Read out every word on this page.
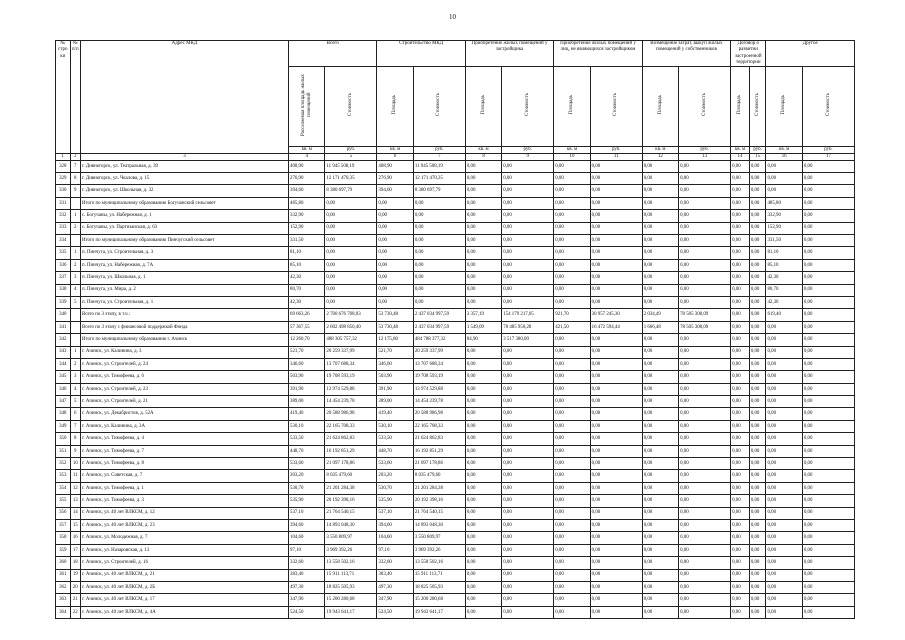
10
№ стро ки	№ п/п	Адрес МКД	Всего		Строительство МКД		Приобретение жилых помещений у застройщика		Приобретение жилых помещений у лиц, не являющихся застройщиком		Возмещение затрат, выкуп жилых помещений у собственников		Договор о развитии застроенной территории		Другое	
			Расселяемая площадь жилых помещений	Стоимость	Площадь	Стоимость	Площадь	Стоимость	Площадь	Стоимость	Площадь	Стоимость	Площадь	Стоимость	Площадь	Стоимость
			кв. м	руб.	кв. м	руб.	кв. м	руб.	кв. м	руб.	кв. м	руб.	кв. м	руб.	кв. м	руб.
1	2	3	4	5	6	7	8	9	10	11	12	13	14	15	16	17
328	7	г. Дивногорск, ул. Театральная, д. 39	408,90	11 945 508,19	408,90	11 945 508,19	0,00	0,00	0,00	0,00	0,00	0,00	0,00	0,00	0,00	0,00
329	8	г. Дивногорск, ул. Чкалова, д. 15	276,90	12 171 470,35	276,90	12 171 470,35	0,00	0,00	0,00	0,00	0,00	0,00	0,00	0,00	0,00	0,00
330	9	г. Дивногорск, ул. Школьная, д. 32	394,60	8 380 697,79	394,60	8 380 697,79	0,00	0,00	0,00	0,00	0,00	0,00	0,00	0,00	0,00	0,00
331		Итого по муниципальному образованию Богучанский сельсовет	485,80	0,00	0,00	0,00	0,00	0,00	0,00	0,00	0,00	0,00	0,00	0,00	485,80	0,00
332	1	с. Богучаны, ул. Набережная, д. 1	332,90	0,00	0,00	0,00	0,00	0,00	0,00	0,00	0,00	0,00	0,00	0,00	332,90	0,00
333	2	с. Богучаны, ул. Партизанская, д. 63	152,90	0,00	0,00	0,00	0,00	0,00	0,00	0,00	0,00	0,00	0,00	0,00	152,90	0,00
334		Итого по муниципальному образованию Пинчугский сельсовет	331,50	0,00	0,00	0,00	0,00	0,00	0,00	0,00	0,00	0,00	0,00	0,00	331,50	0,00
335	1	п. Пинчуга, ул. Строительная, д. 3	81,10	0,00	0,00	0,00	0,00	0,00	0,00	0,00	0,00	0,00	0,00	0,00	81,10	0,00
336	2	п. Пинчуга, ул. Набережная, д. 7А	85,10	0,00	0,00	0,00	0,00	0,00	0,00	0,00	0,00	0,00	0,00	0,00	85,10	0,00
337	3	п. Пинчуга, ул. Школьная, д. 1	42,30	0,00	0,00	0,00	0,00	0,00	0,00	0,00	0,00	0,00	0,00	0,00	42,30	0,00
338	4	п. Пинчуга, ул. Мира, д. 2	80,70	0,00	0,00	0,00	0,00	0,00	0,00	0,00	0,00	0,00	0,00	0,00	80,70	0,00
339	5	п. Пинчуга, ул. Строительная, д. 1	42,30	0,00	0,00	0,00	0,00	0,00	0,00	0,00	0,00	0,00	0,00	0,00	42,30	0,00
340		Всего по 3 этапу, в т.ч.:	69 663,26	2 700 676 768,03	53 730,48	2 437 034 997,59	3 357,19	154 179 217,05	921,70	30 957 245,30	2 034,49	78 505 308,09	0,00	0,00	619,40	0,00
341		Всего по 3 этапу с финансовой поддержкой Фонда	57 367,55	2 602 498 850,40	53 730,48	2 437 034 997,59	1 549,09	70 485 950,28	421,50	16 472 594,44	1 666,48	78 505 308,09	0,00	0,00	0,00	0,00
342		Итого по муниципальному образованию г. Ачинск	12 260,70	488 305 757,32	12 175,80	484 788 377,32	84,90	3 517 380,00	0,00	0,00	0,00	0,00	0,00	0,00	0,00	0,00
343	1	г. Ачинск, ул. Калинина, д. 3	521,70	20 259 337,99	521,70	20 259 337,99	0,00	0,00	0,00	0,00	0,00	0,00	0,00	0,00	0,00	0,00
344	2	г. Ачинск, ул. Строителей, д. 24	346,60	13 707 688,34	346,60	13 707 688,34	0,00	0,00	0,00	0,00	0,00	0,00	0,00	0,00	0,00	0,00
345	3	г. Ачинск, ул. Тимофеева, д. 6	503,90	19 708 593,19	503,90	19 708 593,19	0,00	0,00	0,00	0,00	0,00	0,00	0,00	0,00	0,00	0,00
346	4	г. Ачинск, ул. Строителей, д. 23	391,90	13 974 529,88	391,90	13 974 529,88	0,00	0,00	0,00	0,00	0,00	0,00	0,00	0,00	0,00	0,00
347	5	г. Ачинск, ул. Строителей, д. 21	389,00	14 454 239,78	389,00	14 454 239,78	0,00	0,00	0,00	0,00	0,00	0,00	0,00	0,00	0,00	0,00
348	6	г. Ачинск, ул. Декабристов, д. 52А	419,40	20 588 986,98	419,40	20 588 986,98	0,00	0,00	0,00	0,00	0,00	0,00	0,00	0,00	0,00	0,00
349	7	г. Ачинск, ул. Калинина, д. 3А	530,10	22 165 708,33	530,10	22 165 708,33	0,00	0,00	0,00	0,00	0,00	0,00	0,00	0,00	0,00	0,00
350	8	г. Ачинск, ул. Тимофеева, д. 4	533,50	21 624 862,83	533,50	21 624 862,83	0,00	0,00	0,00	0,00	0,00	0,00	0,00	0,00	0,00	0,00
351	9	г. Ачинск, ул. Тимофеева, д. 7	448,70	16 192 851,29	448,70	16 192 851,29	0,00	0,00	0,00	0,00	0,00	0,00	0,00	0,00	0,00	0,00
352	10	г. Ачинск, ул. Тимофеева, д. 8	533,60	21 097 178,86	533,60	21 097 178,86	0,00	0,00	0,00	0,00	0,00	0,00	0,00	0,00	0,00	0,00
353	11	г. Ачинск, ул. Советская, д. 7	203,20	8 035 479,60	203,20	8 035 479,60	0,00	0,00	0,00	0,00	0,00	0,00	0,00	0,00	0,00	0,00
354	12	г. Ачинск, ул. Тимофеева, д. 1	530,70	21 201 284,38	530,70	21 201 284,38	0,00	0,00	0,00	0,00	0,00	0,00	0,00	0,00	0,00	0,00
355	13	г. Ачинск, ул. Тимофеева, д. 3	535,90	20 192 398,16	535,90	20 192 398,16	0,00	0,00	0,00	0,00	0,00	0,00	0,00	0,00	0,00	0,00
356	14	г. Ачинск, ул. 40 лет ВЛКСМ, д. 12	537,10	21 764 540,15	537,10	21 764 540,15	0,00	0,00	0,00	0,00	0,00	0,00	0,00	0,00	0,00	0,00
357	15	г. Ачинск, ул. 40 лет ВЛКСМ, д. 23	394,60	14 893 048,30	394,60	14 893 048,30	0,00	0,00	0,00	0,00	0,00	0,00	0,00	0,00	0,00	0,00
358	16	г. Ачинск, ул. Молодежная, д. 7	104,60	3 550 809,97	104,60	3 550 809,97	0,00	0,00	0,00	0,00	0,00	0,00	0,00	0,00	0,00	0,00
359	17	г. Ачинск, ул. Назаровская, д. 13	97,10	3 969 392,26	97,10	3 969 392,26	0,00	0,00	0,00	0,00	0,00	0,00	0,00	0,00	0,00	0,00
360	18	г. Ачинск, ул. Строителей, д. 16	332,60	13 558 502,16	332,60	13 558 502,16	0,00	0,00	0,00	0,00	0,00	0,00	0,00	0,00	0,00	0,00
361	19	г. Ачинск, ул. 40 лет ВЛКСМ, д. 21	383,40	15 911 113,71	383,40	15 911 113,71	0,00	0,00	0,00	0,00	0,00	0,00	0,00	0,00	0,00	0,00
362	20	г. Ачинск, ул. 40 лет ВЛКСМ, д. 2Б	497,30	18 825 505,93	497,30	18 825 505,93	0,00	0,00	0,00	0,00	0,00	0,00	0,00	0,00	0,00	0,00
363	21	г. Ачинск, ул. 40 лет ВЛКСМ, д. 17	347,90	15 200 280,68	347,90	15 200 280,68	0,00	0,00	0,00	0,00	0,00	0,00	0,00	0,00	0,00	0,00
364	22	г. Ачинск, ул. 40 лет ВЛКСМ, д. 4А	524,50	19 943 641,17	524,50	19 943 641,17	0,00	0,00	0,00	0,00	0,00	0,00	0,00	0,00	0,00	0,00
